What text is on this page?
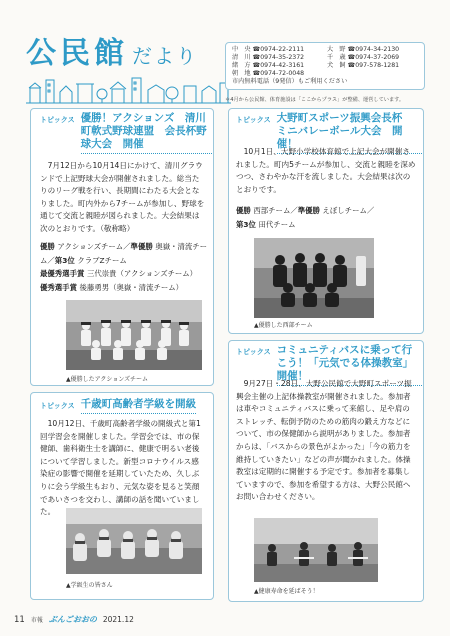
公民館 だより	中　央 ☎0974-22-2111
清　川 ☎0974-35-2372
緒　方 ☎0974-42-3161
朝　地 ☎0974-72-0048
大　野 ☎0974-34-2130
千　歳 ☎0974-37-2069
犬　飼 ☎097-578-1281
市内無料電話（9発信）もご利用ください
＊4月から公民館、体育施設は「ここからプラス」が整備、運営しています。
トピックス 優勝！アクションズ　清川町軟式野球連盟　会長杯野球大会　開催

7月12日から10月14日にかけて、清川グラウンドで上記野球大会が開催されました。総当たりのリーグ戦を行い、長期間にわたる大会となりました。町内外から7チームが参加し、野球を通じて交流と親睦が図られました。大会結果は次のとおりです。（敬称略）

優勝 アクションズチーム／準優勝 奥嶽・清流チーム／第3位 クラブZチーム
最優秀選手賞 三代崇貴（アクションズチーム）
優秀選手賞 後藤勇男（奥嶽・清流チーム）
▲優勝したアクションズチーム
トピックス 千歳町高齢者学級を開級

10月12日、千歳町高齢者学級の開級式と第1回学習会を開催しました。学習会では、市の保健師、歯科衛生士を講師に、健康で明るい老後について学習しました。新型コロナウイルス感染症の影響で開催を延期していたため、久しぶりに会う学級生もおり、元気な姿を見ると笑顔であいさつを交わし、講師の話を聞いていました。

▲学級生の皆さん
トピックス 大野町スポーツ振興会長杯　ミニバレーボール大会　開催！

10月1日、大野小学校体育館で上記大会が開催されました。町内5チームが参加し、交流と親睦を深めつつ、さわやかな汗を流しました。大会結果は次のとおりです。

優勝 西部チーム／準優勝 えぼしチーム／
第3位 田代チーム
▲優勝した西部チーム
トピックス コミュニティバスに乗って行こう！「元気でる体操教室」開催！

9月27日・28日、大野公民館で大野町スポーツ振興会主催の上記体操教室が開催されました。参加者は車やコミュニティバスに乗って来館し、足や肩のストレッチ、転倒予防のための筋肉の鍛え方などについて、市の保健師から説明がありました。参加者からは、「バスからの景色がよかった」「今の筋力を維持していきたい」などの声が聞かれました。体操教室は定期的に開催する予定です。参加者を募集していますので、参加を希望する方は、大野公民館へお問い合わせください。

▲健康寿命を延ばそう！
11 市報 ぶんごおおの 2021.12
